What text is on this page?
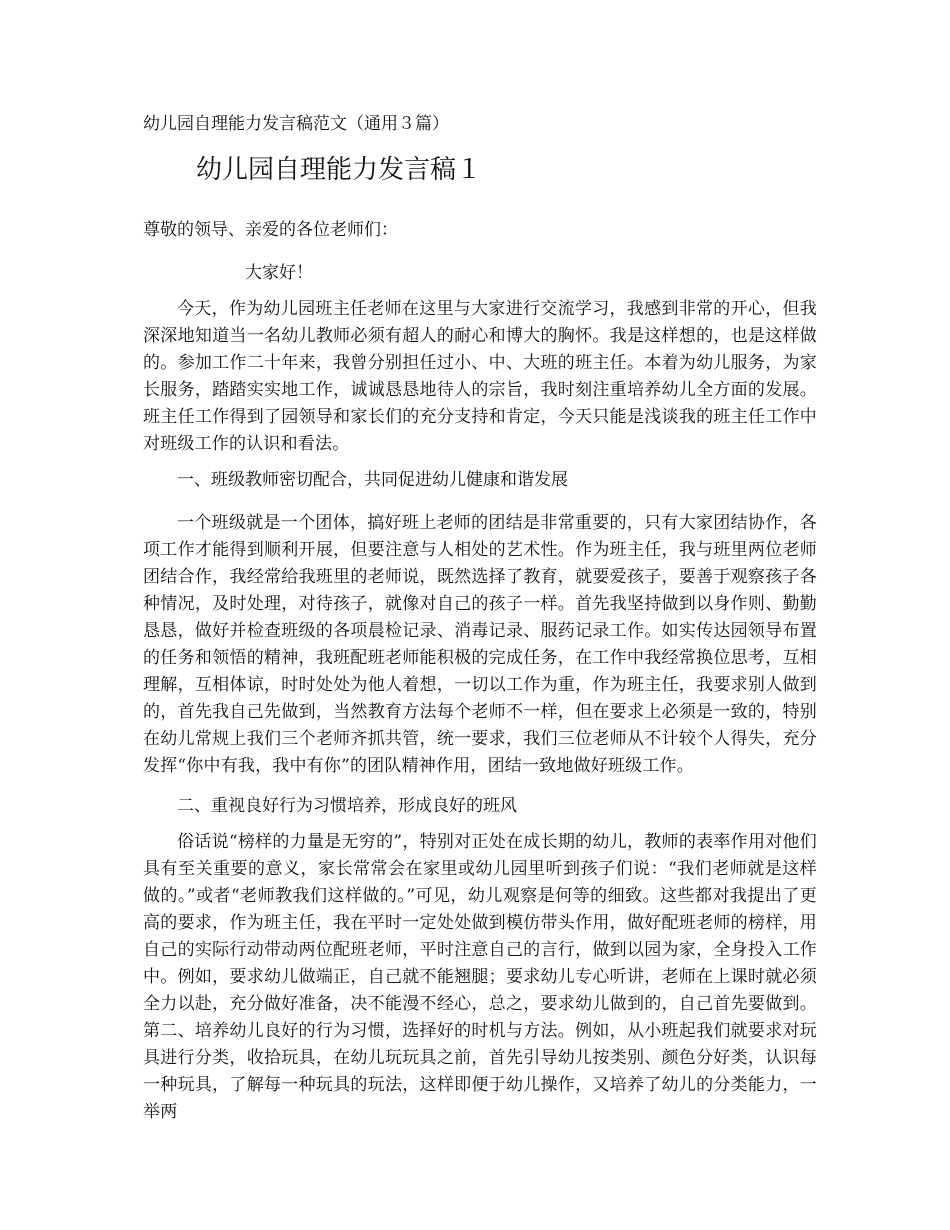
幼儿园自理能力发言稿范文（通用３篇）
幼儿园自理能力发言稿１
尊敬的领导、亲爱的各位老师们：
大家好！

今天，作为幼儿园班主任老师在这里与大家进行交流学习，我感到非常的开心，但我深深地知道当一名幼儿教师必须有超人的耐心和博大的胸怀。我是这样想的，也是这样做的。参加工作二十年来，我曾分别担任过小、中、大班的班主任。本着为幼儿服务，为家长服务，踏踏实实地工作，诚诚恳恳地待人的宗旨，我时刻注重培养幼儿全方面的发展。班主任工作得到了园领导和家长们的充分支持和肯定，今天只能是浅谈我的班主任工作中对班级工作的认识和看法。

一、班级教师密切配合，共同促进幼儿健康和谐发展

一个班级就是一个团体，搞好班上老师的团结是非常重要的，只有大家团结协作，各项工作才能得到顺利开展，但要注意与人相处的艺术性。作为班主任，我与班里两位老师团结合作，我经常给我班里的老师说，既然选择了教育，就要爱孩子，要善于观察孩子各种情况，及时处理，对待孩子，就像对自己的孩子一样。首先我坚持做到以身作则、勤勤恳恳，做好并检查班级的各项晨检记录、消毒记录、服药记录工作。如实传达园领导布置的任务和领悟的精神，我班配班老师能积极的完成任务，在工作中我经常换位思考，互相理解，互相体谅，时时处处为他人着想，一切以工作为重，作为班主任，我要求别人做到的，首先我自己先做到，当然教育方法每个老师不一样，但在要求上必须是一致的，特别在幼儿常规上我们三个老师齐抓共管，统一要求，我们三位老师从不计较个人得失，充分发挥“你中有我，我中有你”的团队精神作用，团结一致地做好班级工作。

二、重视良好行为习惯培养，形成良好的班风

俗话说“榜样的力量是无穷的”，特别对正处在成长期的幼儿，教师的表率作用对他们具有至关重要的意义，家长常常会在家里或幼儿园里听到孩子们说：“我们老师就是这样做的。”或者“老师教我们这样做的。”可见，幼儿观察是何等的细致。这些都对我提出了更高的要求，作为班主任，我在平时一定处处做到模仿带头作用，做好配班老师的榜样，用自己的实际行动带动两位配班老师，平时注意自己的言行，做到以园为家，全身投入工作中。例如，要求幼儿做端正，自己就不能翘腿；要求幼儿专心听讲，老师在上课时就必须全力以赴，充分做好准备，决不能漫不经心，总之，要求幼儿做到的，自己首先要做到。第二、培养幼儿良好的行为习惯，选择好的时机与方法。例如，从小班起我们就要求对玩具进行分类，收拾玩具，在幼儿玩玩具之前，首先引导幼儿按类别、颜色分好类，认识每一种玩具，了解每一种玩具的玩法，这样即便于幼儿操作，又培养了幼儿的分类能力，一举两
